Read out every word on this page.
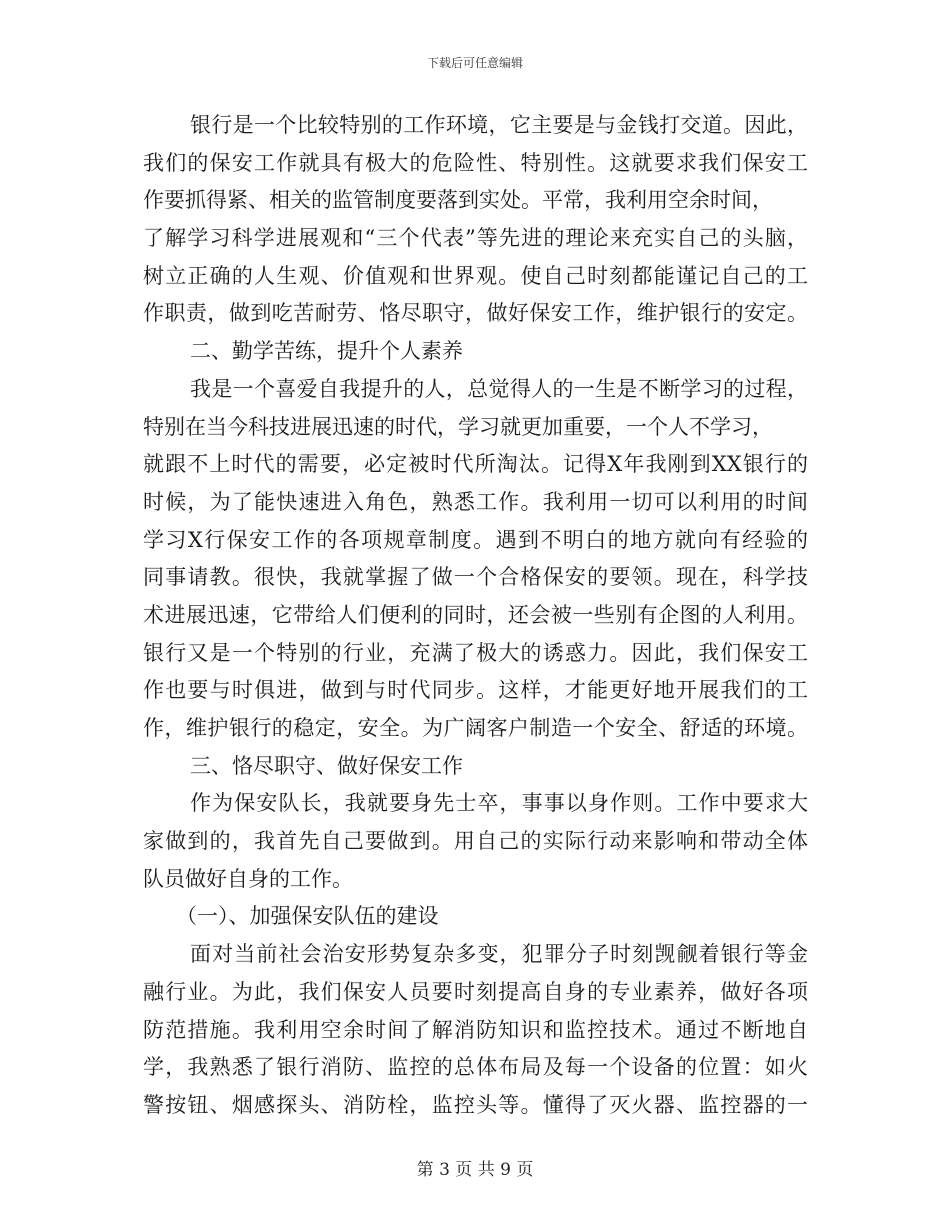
下载后可任意编辑
银行是一个比较特别的工作环境，它主要是与金钱打交道。因此，
我们的保安工作就具有极大的危险性、特别性。这就要求我们保安工
作要抓得紧、相关的监管制度要落到实处。平常，我利用空余时间，
了解学习科学进展观和“三个代表”等先进的理论来充实自己的头脑，
树立正确的人生观、价值观和世界观。使自己时刻都能谨记自己的工
作职责，做到吃苦耐劳、恪尽职守，做好保安工作，维护银行的安定。
二、勤学苦练，提升个人素养
我是一个喜爱自我提升的人，总觉得人的一生是不断学习的过程，
特别在当今科技进展迅速的时代，学习就更加重要，一个人不学习，
就跟不上时代的需要，必定被时代所淘汰。记得X年我刚到XX银行的
时候，为了能快速进入角色，熟悉工作。我利用一切可以利用的时间
学习X行保安工作的各项规章制度。遇到不明白的地方就向有经验的
同事请教。很快，我就掌握了做一个合格保安的要领。现在，科学技
术进展迅速，它带给人们便利的同时，还会被一些别有企图的人利用。
银行又是一个特别的行业，充满了极大的诱惑力。因此，我们保安工
作也要与时俱进，做到与时代同步。这样，才能更好地开展我们的工
作，维护银行的稳定，安全。为广阔客户制造一个安全、舒适的环境。
三、恪尽职守、做好保安工作
作为保安队长，我就要身先士卒，事事以身作则。工作中要求大
家做到的，我首先自己要做到。用自己的实际行动来影响和带动全体
队员做好自身的工作。
（一）、加强保安队伍的建设
面对当前社会治安形势复杂多变，犯罪分子时刻觊觎着银行等金
融行业。为此，我们保安人员要时刻提高自身的专业素养，做好各项
防范措施。我利用空余时间了解消防知识和监控技术。通过不断地自
学，我熟悉了银行消防、监控的总体布局及每一个设备的位置：如火
警按钮、烟感探头、消防栓，监控头等。懂得了灭火器、监控器的一
第 3 页 共 9 页
